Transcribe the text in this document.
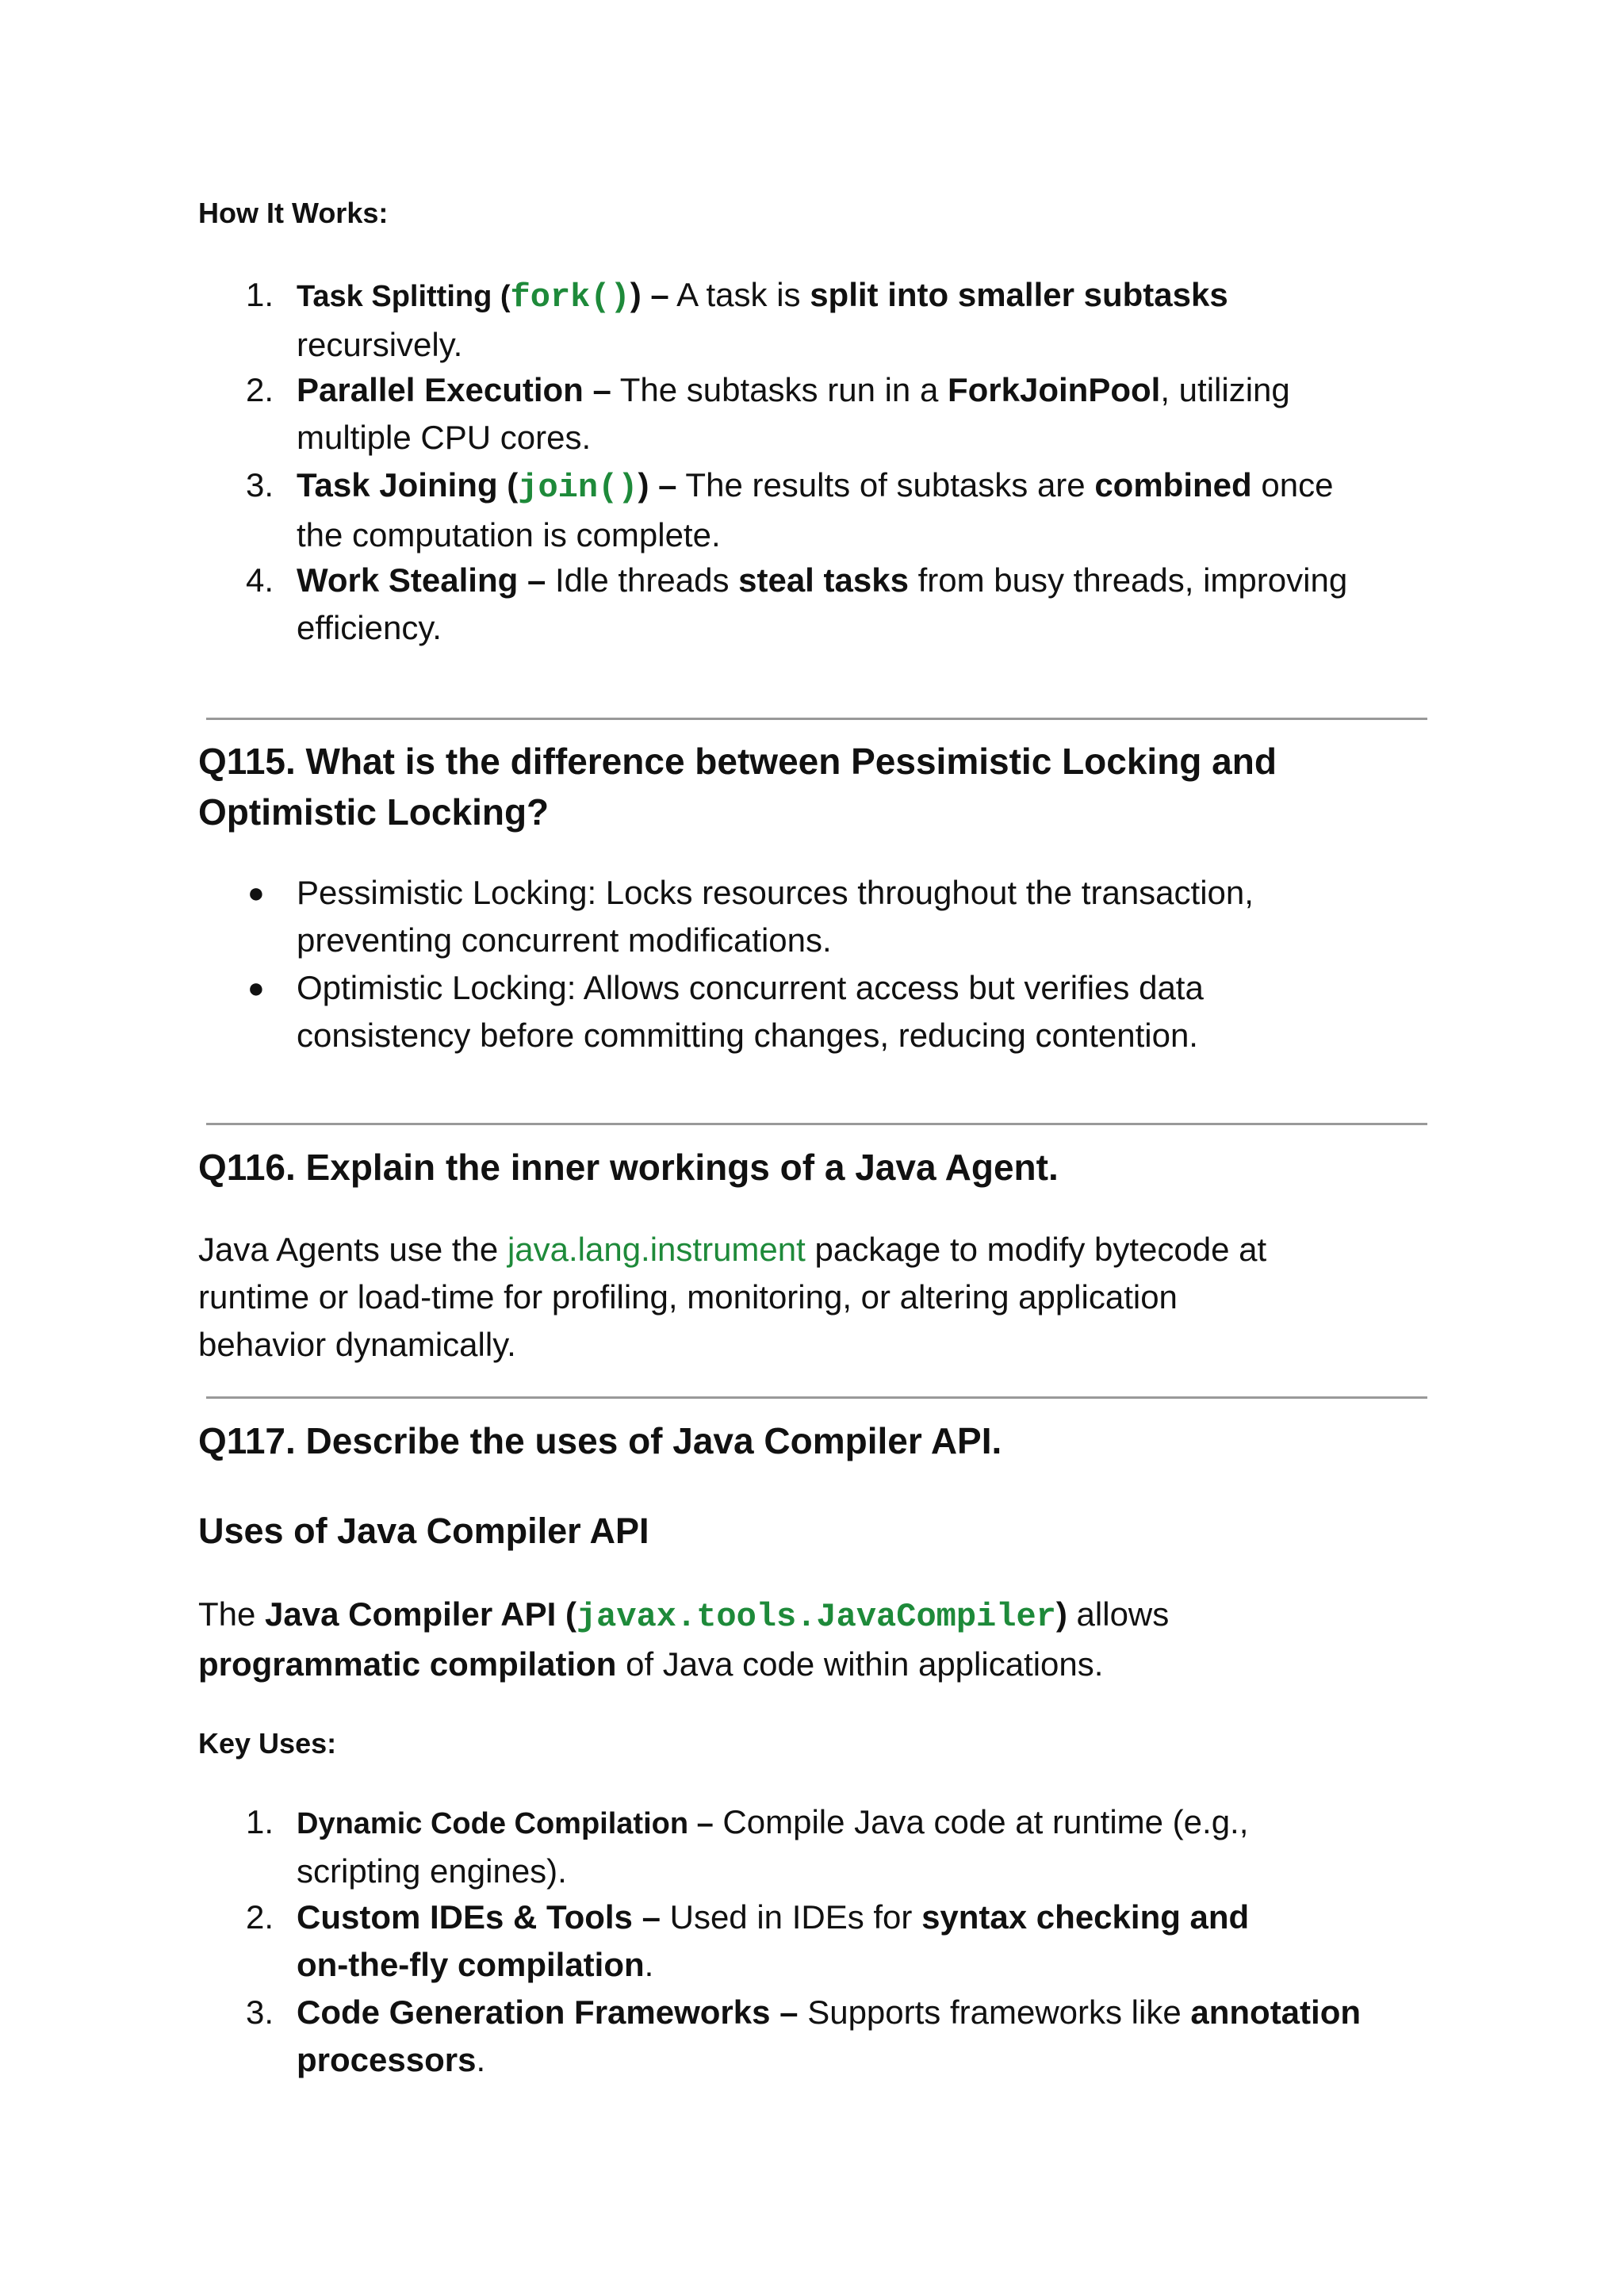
How It Works:
1. Task Splitting (fork()) – A task is split into smaller subtasks
recursively.
2. Parallel Execution – The subtasks run in a ForkJoinPool, utilizing
multiple CPU cores.
3. Task Joining (join()) – The results of subtasks are combined once
the computation is complete.
4. Work Stealing – Idle threads steal tasks from busy threads, improving
efficiency.
Q115. What is the difference between Pessimistic Locking and
Optimistic Locking?
● Pessimistic Locking: Locks resources throughout the transaction,
preventing concurrent modifications.
● Optimistic Locking: Allows concurrent access but verifies data
consistency before committing changes, reducing contention.
Q116. Explain the inner workings of a Java Agent.
Java Agents use the java.lang.instrument package to modify bytecode at
runtime or load-time for profiling, monitoring, or altering application
behavior dynamically.
Q117. Describe the uses of Java Compiler API.
Uses of Java Compiler API
The Java Compiler API (javax.tools.JavaCompiler) allows
programmatic compilation of Java code within applications.
Key Uses:
1. Dynamic Code Compilation – Compile Java code at runtime (e.g.,
scripting engines).
2. Custom IDEs & Tools – Used in IDEs for syntax checking and
on-the-fly compilation.
3. Code Generation Frameworks – Supports frameworks like annotation
processors.
